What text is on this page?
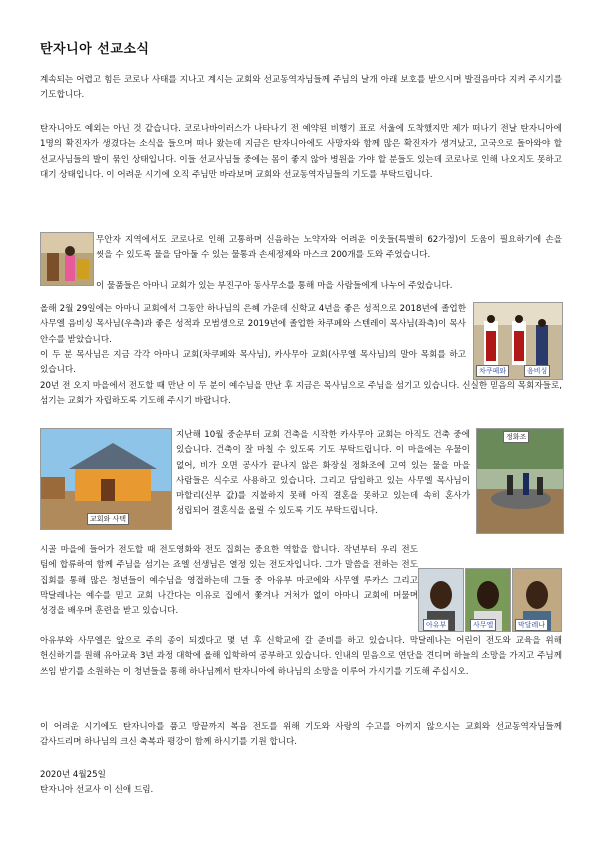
탄자니아 선교소식

계속되는 어렵고 힘든 코로나 사태를 지나고 계시는 교회와 선교동역자님들께 주님의 날개 아래 보호를 받으시며 발걸음마다 지켜 주시기를 기도합니다.

탄자니아도 예외는 아닌 것 같습니다. 코로나바이러스가 나타나기 전 예약된 비행기 표로 서울에 도착했지만 제가 떠나기 전날 탄자니아에 1명의 확진자가 생겼다는 소식을 들으며 떠나 왔는데 지금은 탄자니아에도 사망자와 함께 많은 확진자가 생겨났고, 고국으로 돌아와야 할 선교사님들의 발이 묶인 상태입니다. 이들 선교사님들 중에는 몸이 좋지 않아 병원을 가야 할 분들도 있는데 코로나로 인해 나오지도 못하고 대기 상태입니다. 이 어려운 시기에 오직 주님만 바라보며 교회와 선교동역자님들의 기도를 부탁드립니다.

무안자 지역에서도 코로나로 인해 고통하며 신음하는 노약자와 어려운 이웃들(특별히 62가정)이 도움이 필요하기에 손을 씻을 수 있도록 물을 담아둘 수 있는 물통과 손세정제와 마스크 200개를 도와 주었습니다.

이 물품들은 아마니 교회가 있는 부진구아 동사무소를 통해 마을 사람들에게 나누어 주었습니다.

올해 2월 29일에는 아마니 교회에서 그동안 하나님의 은혜 가운데 신학교 4년을 좋은 성적으로 2018년에 졸업한 사무엘 음비싱 목사님(우측)과 좋은 성적과 모범생으로 2019년에 졸업한 차쿠페와 스텐레이 목사님(좌측)이 목사 안수를 받았습니다.

차쿠페와	음비싱

이 두 분 목사님은 지금 각각 아마니 교회(차쿠페와 목사님), 카사무아 교회(사무엘 목사님)의 말아 목회를 하고 있습니다.

20년 전 오지 마을에서 전도할 때 만난 이 두 분이 예수님을 만난 후 지금은 목사님으로 주님을 섬기고 있습니다. 신실한 믿음의 목회자들로, 섬기는 교회가 자립하도록 기도해 주시기 바랍니다.

교회와 사택

지난해 10월 중순부터 교회 건축을 시작한 카사무아 교회는 아직도 건축 중에 있습니다. 건축이 잘 마칠 수 있도록 기도 부탁드립니다. 이 마을에는 우물이 없어, 비가 오면 공사가 끝나지 않은 화장실 정화조에 고여 있는 물을 마을 사람들은 식수로 사용하고 있습니다. 그리고 담임하고 있는 사무엘 목사님이 마할리(신부 값)를 지불하지 못해 아직 결혼을 못하고 있는데 속히 혼사가 성립되어 결혼식을 올릴 수 있도록 기도 부탁드립니다.

정화조

시골 마을에 들어가 전도할 때 전도영화와 전도 집회는 중요한 역할을 합니다. 작년부터 우리 전도 팀에 합류하여 함께 주님을 섬기는 죠엘 선생님은 열정 있는 전도자입니다. 그가 말씀을 전하는 전도 집회를 통해 많은 청년들이 예수님을 영접하는데 그들 중 아유부 마코에와 사무엘 루카스 그리고 막달레나는 예수를 믿고 교회 나간다는 이유로 집에서 쫓겨나 거처가 없이 아마니 교회에 머물며 성경을 배우며 훈련을 받고 있습니다.

아유부	사무엘	막달레나

아유부와 사무엘은 앞으로 주의 종이 되겠다고 몇 년 후 신학교에 갈 준비를 하고 있습니다. 막달레나는 어린이 전도와 교육을 위해 헌신하기를 원해 유아교육 3년 과정 대학에 올해 입학하여 공부하고 있습니다. 인내의 믿음으로 연단을 견디며 하늘의 소망을 가지고 주님께 쓰임 받기를 소원하는 이 청년들을 통해 하나님께서 탄자니아에 하나님의 소망을 이루어 가시기를 기도해 주십시오.

이 어려운 시기에도 탄자니아를 품고 땅끝까지 복음 전도를 위해 기도와 사랑의 수고를 아끼지 않으시는 교회와 선교동역자님들께 감사드리며 하나님의 크신 축복과 평강이 함께 하시기를 기원 합니다.

2020년 4월25일

탄자니아 선교사 이 신애 드림.
